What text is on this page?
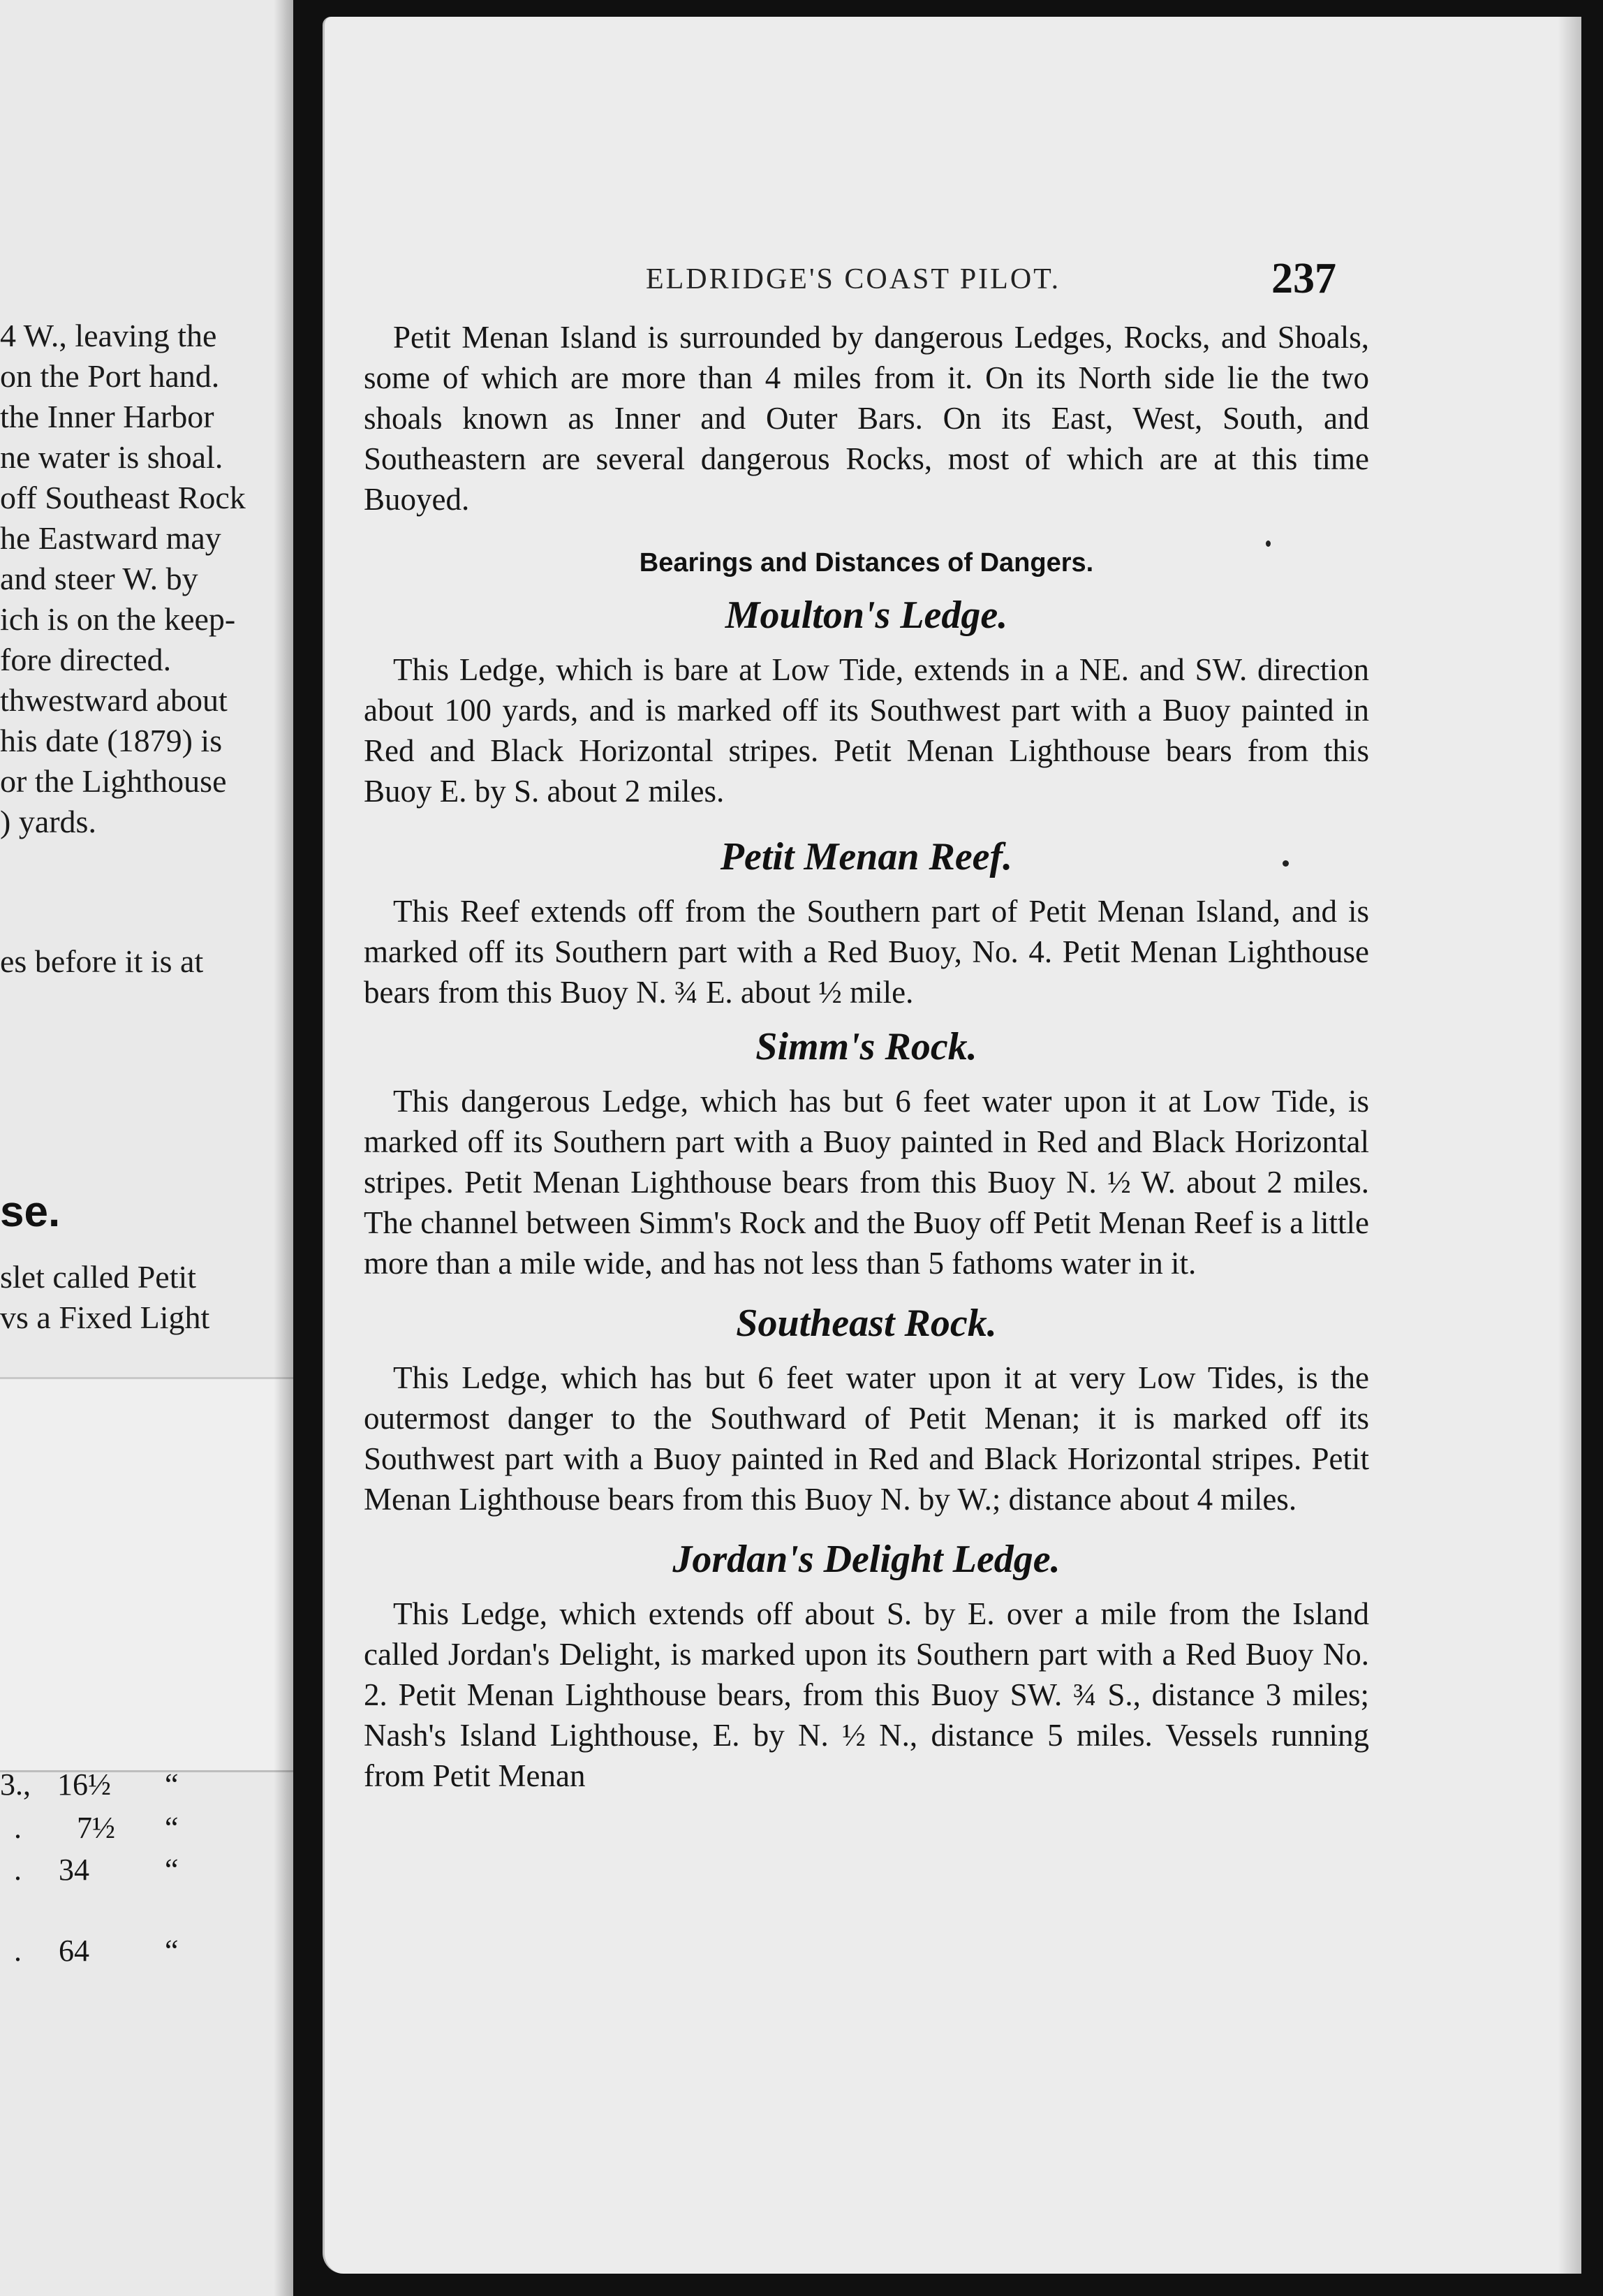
4 W., leaving the
on the Port hand.
the Inner Harbor
ne water is shoal.
off Southeast Rock
he Eastward may
and steer W. by
ich is on the keep-
fore directed.
thwestward about
his date (1879) is
or the Lighthouse
) yards.
es before it is at
se.
slet called Petit
vs a Fixed Light
3., 16½ “
. 7½ “
. 34 “
. 64 “
ELDRIDGE'S COAST PILOT.	237

Petit Menan Island is surrounded by dangerous Ledges, Rocks, and Shoals, some of which are more than 4 miles from it. On its North side lie the two shoals known as Inner and Outer Bars. On its East, West, South, and Southeastern are several dangerous Rocks, most of which are at this time Buoyed.

Bearings and Distances of Dangers.
Moulton's Ledge.

This Ledge, which is bare at Low Tide, extends in a NE. and SW. direction about 100 yards, and is marked off its Southwest part with a Buoy painted in Red and Black Horizontal stripes. Petit Menan Lighthouse bears from this Buoy E. by S. about 2 miles.

Petit Menan Reef.

This Reef extends off from the Southern part of Petit Menan Island, and is marked off its Southern part with a Red Buoy, No. 4. Petit Menan Lighthouse bears from this Buoy N. ¾ E. about ½ mile.

Simm's Rock.

This dangerous Ledge, which has but 6 feet water upon it at Low Tide, is marked off its Southern part with a Buoy painted in Red and Black Horizontal stripes. Petit Menan Lighthouse bears from this Buoy N. ½ W. about 2 miles. The channel between Simm's Rock and the Buoy off Petit Menan Reef is a little more than a mile wide, and has not less than 5 fathoms water in it.

Southeast Rock.

This Ledge, which has but 6 feet water upon it at very Low Tides, is the outermost danger to the Southward of Petit Menan; it is marked off its Southwest part with a Buoy painted in Red and Black Horizontal stripes. Petit Menan Lighthouse bears from this Buoy N. by W.; distance about 4 miles.

Jordan's Delight Ledge.

This Ledge, which extends off about S. by E. over a mile from the Island called Jordan's Delight, is marked upon its Southern part with a Red Buoy No. 2. Petit Menan Lighthouse bears, from this Buoy SW. ¾ S., distance 3 miles; Nash's Island Lighthouse, E. by N. ½ N., distance 5 miles. Vessels running from Petit Menan
